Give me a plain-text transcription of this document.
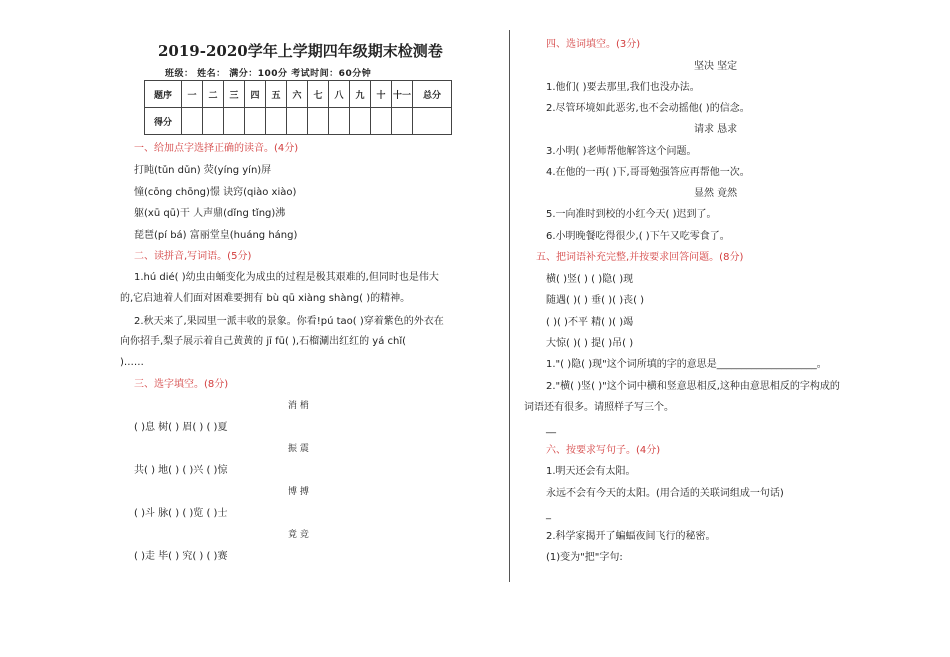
2019-2020学年上学期四年级期末检测卷
班级： 姓名： 满分：100分 考试时间：60分钟
题序	一	二	三	四	五	六	七	八	九	十	十一	总分
得分												
一、给加点字选择正确的读音。(4分)
打盹(tǔn dǔn) 荧(yíng yín)屏
憧(cōng chōng)憬 诀窍(qiào xiào)
躯(xū qū)干 人声鼎(dǐng tǐng)沸
琵琶(pí bá) 富丽堂皇(huáng háng)
二、读拼音,写词语。(5分)
1.hú dié( )幼虫由蛹变化为成虫的过程是极其艰难的,但同时也是伟大
的,它启迪着人们面对困难要拥有 bù qū xiàng shàng( )的精神。
2.秋天来了,果园里一派丰收的景象。你看!pú tao( )穿着紫色的外衣在
向你招手,梨子展示着自己黄黄的 jī fū( ),石榴涮出红红的 yá chǐ(
)……
三、选字填空。(8分)
消 梢
( )息 树( ) 眉( ) ( )夏
振 震
共( ) 地( ) ( )兴 ( )惊
博 搏
( )斗 脉( ) ( )览 ( )士
竟 竞
( )走 毕( ) 究( ) ( )赛
四、选词填空。(3分)
坚决 坚定
1.他们( )要去那里,我们也没办法。
2.尽管环境如此恶劣,也不会动摇他( )的信念。
请求 恳求
3.小明( )老师帮他解答这个问题。
4.在他的一再( )下,哥哥勉强答应再帮他一次。
显然 竟然
5.一向准时到校的小红今天( )迟到了。
6.小明晚餐吃得很少,( )下午又吃零食了。
五、把词语补充完整,并按要求回答问题。(8分)
横( )竖( ) ( )隐( )现
随遇( )( ) 垂( )( )丧( )
( )( )不平 精( )( )竭
大惊( )( ) 提( )吊( )
1."( )隐( )现"这个词所填的字的意思是____________________。
2."横( )竖( )"这个词中横和竖意思相反,这种由意思相反的字构成的
词语还有很多。请照样子写三个。
__
六、按要求写句子。(4分)
1.明天还会有太阳。
永远不会有今天的太阳。(用合适的关联词组成一句话)
_
2.科学家揭开了蝙蝠夜间飞行的秘密。
(1)变为"把"字句:
